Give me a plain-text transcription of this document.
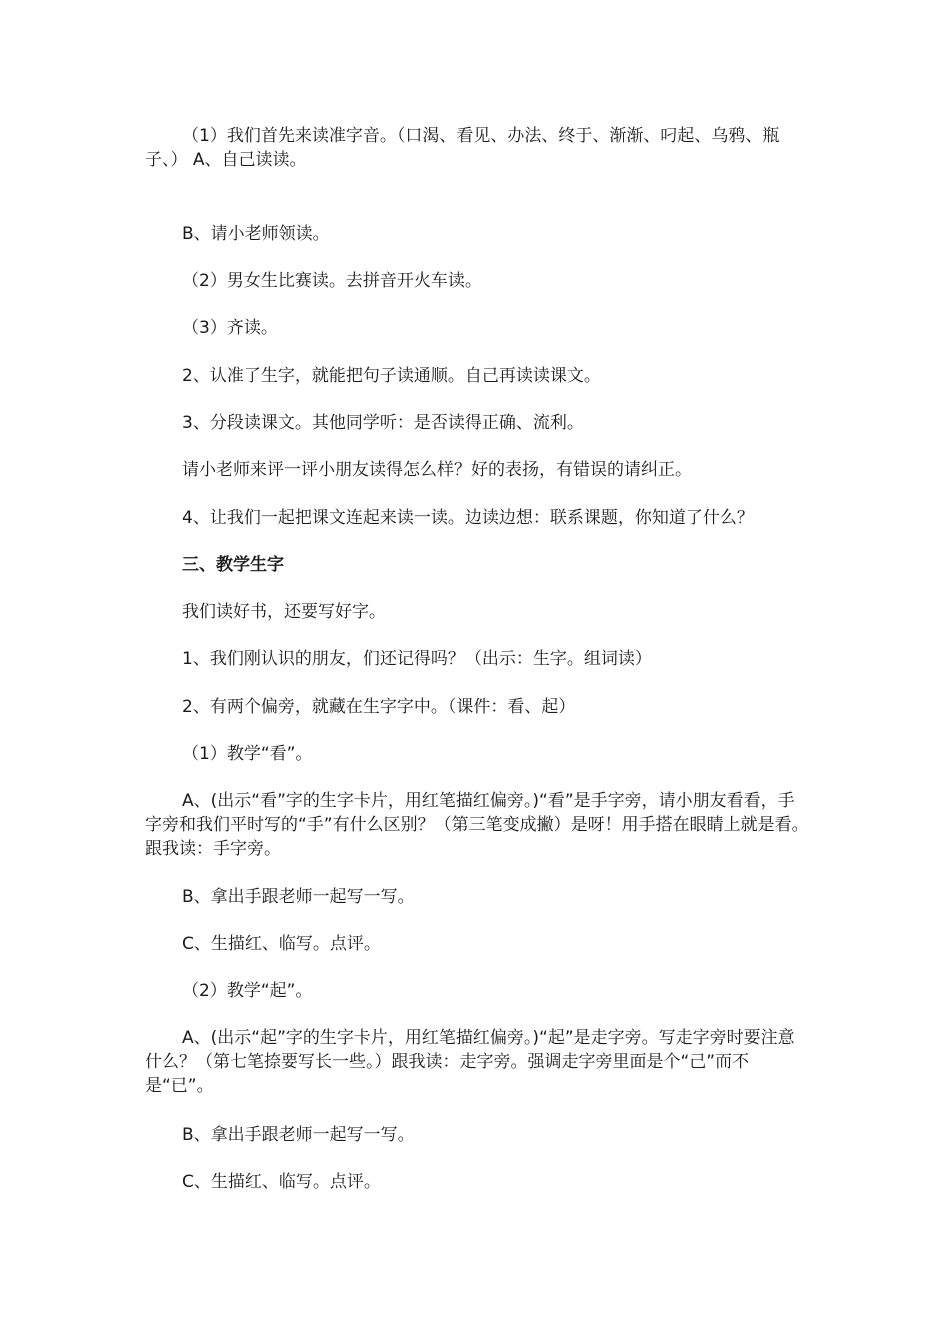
（1）我们首先来读准字音。（口渴、看见、办法、终于、渐渐、叼起、乌鸦、瓶子、） A、自己读读。

B、请小老师领读。

（2）男女生比赛读。去拼音开火车读。

（3）齐读。

2、认准了生字，就能把句子读通顺。自己再读读课文。

3、分段读课文。其他同学听：是否读得正确、流利。

请小老师来评一评小朋友读得怎么样？好的表扬，有错误的请纠正。

4、让我们一起把课文连起来读一读。边读边想：联系课题，你知道了什么？

三、教学生字

我们读好书，还要写好字。

1、我们刚认识的朋友，们还记得吗？（出示：生字。组词读）

2、有两个偏旁，就藏在生字字中。（课件：看、起）

（1）教学“看”。

A、(出示“看”字的生字卡片，用红笔描红偏旁。)“看”是手字旁，请小朋友看看，手字旁和我们平时写的“手”有什么区别？（第三笔变成撇）是呀！用手搭在眼睛上就是看。跟我读：手字旁。

B、拿出手跟老师一起写一写。

C、生描红、临写。点评。

（2）教学“起”。

A、(出示“起”字的生字卡片，用红笔描红偏旁。)“起”是走字旁。写走字旁时要注意什么？（第七笔捺要写长一些。）跟我读：走字旁。强调走字旁里面是个“己”而不是“已”。

B、拿出手跟老师一起写一写。

C、生描红、临写。点评。
